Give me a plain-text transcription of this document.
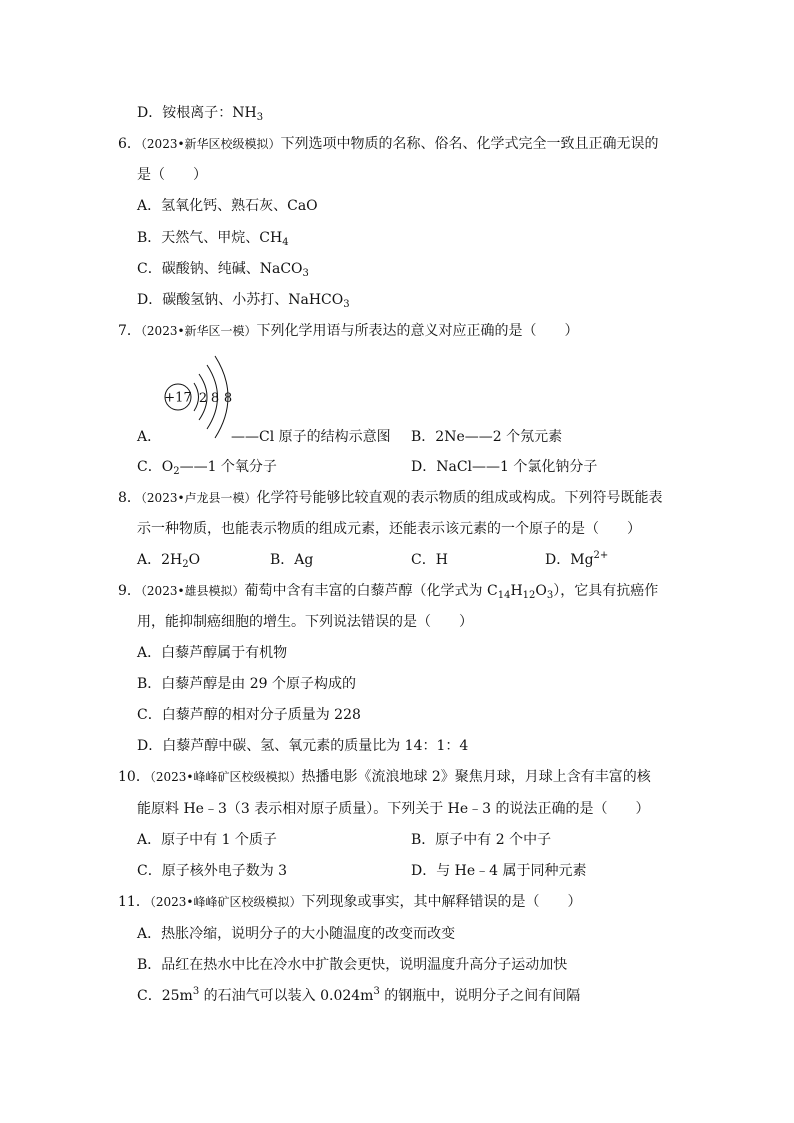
D．铵根离子：$NH_3$
6．（2023•新华区校级模拟）下列选项中物质的名称、俗名、化学式完全一致且正确无误的
是（　　）
A．氢氧化钙、熟石灰、CaO
B．天然气、甲烷、$CH_4$
C．碳酸钠、纯碱、NaCO$_3$
D．碳酸氢钠、小苏打、NaHCO$_3$
7．（2023•新华区一模）下列化学用语与所表达的意义对应正确的是（　　）
+17 2 8 8
A．	——Cl 原子的结构示意图 B．2Ne——2 个氖元素
C．$O_2——1$ 个氧分子	D．NaCl——1 个氯化钠分子
8．（2023•卢龙县一模）化学符号能够比较直观的表示物质的组成或构成。下列符号既能表
示一种物质，也能表示物质的组成元素，还能表示该元素的一个原子的是（　　）
A．$2H_2O$	B．Ag	C．H	D．$Mg^{2+}$
9．（2023•雄县模拟）葡萄中含有丰富的白藜芦醇（化学式为 $C_{14}H_{12}O_3$），它具有抗癌作
用，能抑制癌细胞的增生。下列说法错误的是（　　）
A．白藜芦醇属于有机物
B．白藜芦醇是由 29 个原子构成的
C．白藜芦醇的相对分子质量为 228
D．白藜芦醇中碳、氢、氧元素的质量比为 14：1：4
10．（2023•峰峰矿区校级模拟）热播电影《流浪地球 2》聚焦月球，月球上含有丰富的核
能原料 He﹣3（3 表示相对原子质量）。下列关于 He﹣3 的说法正确的是（　　）
A．原子中有 1 个质子	B．原子中有 2 个中子
C．原子核外电子数为 3	D．与 He﹣4 属于同种元素
11．（2023•峰峰矿区校级模拟）下列现象或事实，其中解释错误的是（　　）
A．热胀冷缩，说明分子的大小随温度的改变而改变
B．品红在热水中比在冷水中扩散会更快，说明温度升高分子运动加快
C．$25m^3$ 的石油气可以装入 $0.024m^3$ 的钢瓶中，说明分子之间有间隔
